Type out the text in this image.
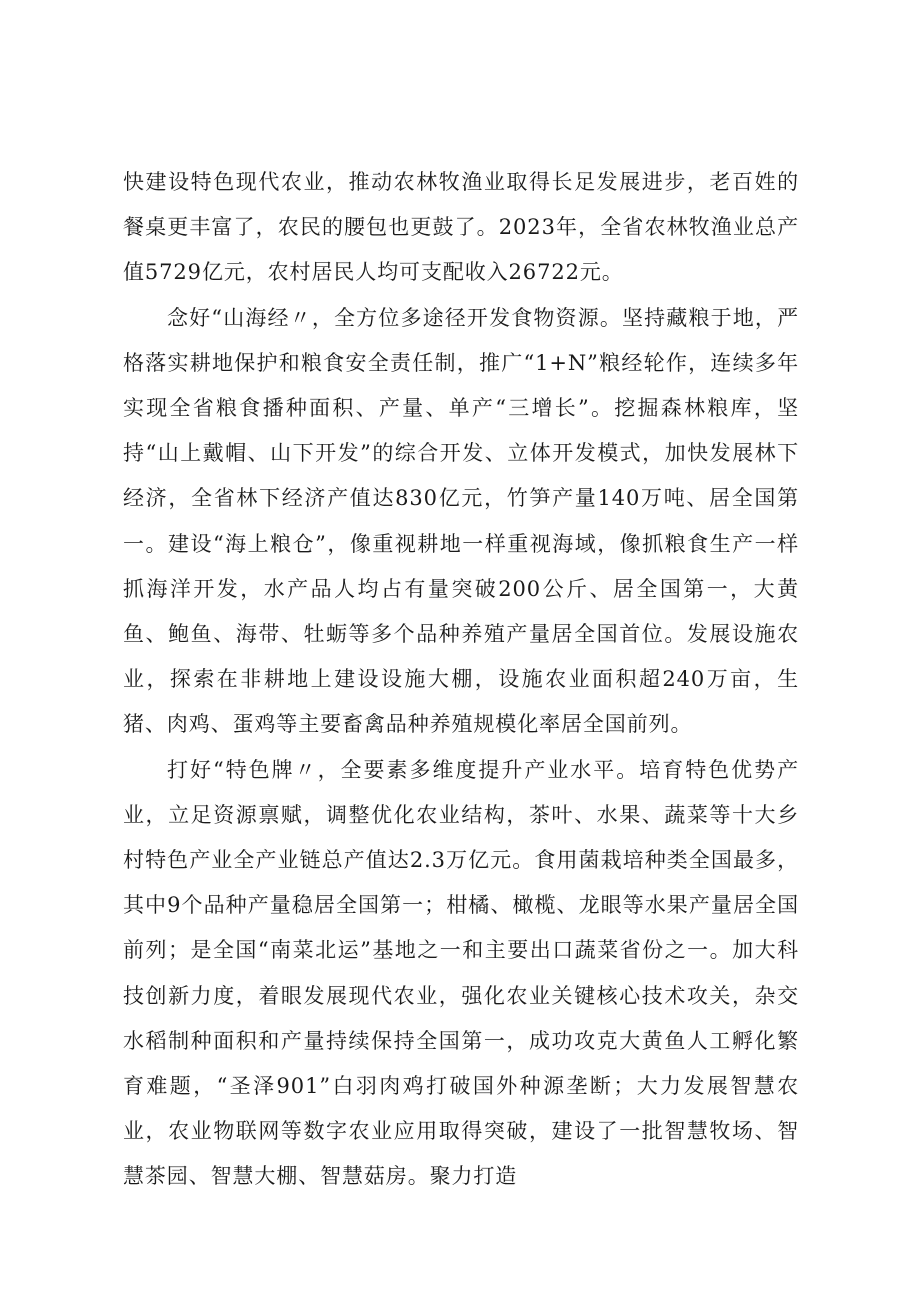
快建设特色现代农业，推动农林牧渔业取得长足发展进步，老百姓的餐桌更丰富了，农民的腰包也更鼓了。2023年，全省农林牧渔业总产值5729亿元，农村居民人均可支配收入26722元。

念好“山海经〃，全方位多途径开发食物资源。坚持藏粮于地，严格落实耕地保护和粮食安全责任制，推广“1+N”粮经轮作，连续多年实现全省粮食播种面积、产量、单产“三增长”。挖掘森林粮库，坚持“山上戴帽、山下开发”的综合开发、立体开发模式，加快发展林下经济，全省林下经济产值达830亿元，竹笋产量140万吨、居全国第一。建设“海上粮仓”，像重视耕地一样重视海域，像抓粮食生产一样抓海洋开发，水产品人均占有量突破200公斤、居全国第一，大黄鱼、鲍鱼、海带、牡蛎等多个品种养殖产量居全国首位。发展设施农业，探索在非耕地上建设设施大棚，设施农业面积超240万亩，生猪、肉鸡、蛋鸡等主要畜禽品种养殖规模化率居全国前列。

打好“特色牌〃，全要素多维度提升产业水平。培育特色优势产业，立足资源禀赋，调整优化农业结构，茶叶、水果、蔬菜等十大乡村特色产业全产业链总产值达2.3万亿元。食用菌栽培种类全国最多，其中9个品种产量稳居全国第一；柑橘、橄榄、龙眼等水果产量居全国前列；是全国“南菜北运”基地之一和主要出口蔬菜省份之一。加大科技创新力度，着眼发展现代农业，强化农业关键核心技术攻关，杂交水稻制种面积和产量持续保持全国第一，成功攻克大黄鱼人工孵化繁育难题，“圣泽901”白羽肉鸡打破国外种源垄断；大力发展智慧农业，农业物联网等数字农业应用取得突破，建设了一批智慧牧场、智慧茶园、智慧大棚、智慧菇房。聚力打造
